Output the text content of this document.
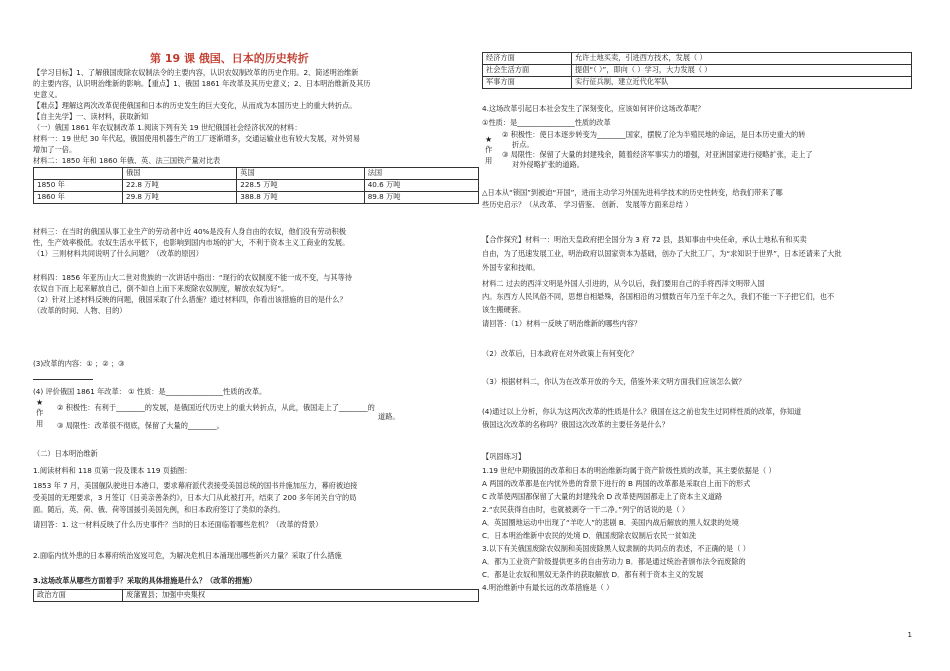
第 19 课 俄国、日本的历史转折
【学习目标】1、了解俄国废除农奴制法令的主要内容，认识农奴制改革的历史作用。2、简述明治维新
的主要内容，认识明治维新的影响。【重点】1、俄国 1861 年改革及其历史意义；2、日本明治维新及其历
史意义。
【难点】理解这两次改革促使俄国和日本的历史发生的巨大变化，从而成为本国历史上的重大转折点。
【自主先学】一、读材料，获取新知
（一）俄国 1861 年农奴制改革 1.阅读下列有关 19 世纪俄国社会经济状况的材料：
材料一：19 世纪 30 年代起，俄国使用机器生产的工厂逐渐增多，交通运输业也有较大发展，对外贸易
增加了一倍。
材料二：1850 年和 1860 年俄、英、法三国铁产量对比表
	俄国	英国	法国
1850 年	22.8 万吨	228.5 万吨	40.6 万吨
1860 年	29.8 万吨	388.8 万吨	89.8 万吨
材料三：在当时的俄国从事工业生产的劳动者中近 40%是没有人身自由的农奴，他们没有劳动积极
性，生产效率极低。农奴生活水平低下，也影响到国内市场的扩大，不利于资本主义工商业的发展。
（1）三则材料共同说明了什么问题？（改革的原因）
材料四：1856 年亚历山大二世对贵族的一次讲话中指出：“现行的农奴制度不能一成不变，与其等待
农奴自下而上起来解放自己，倒不如自上而下来废除农奴制度，解放农奴为好”。
（2）针对上述材料反映的问题，俄国采取了什么措施？通过材料四，你看出该措施的目的是什么？
（改革的时间、人物、目的）
(3)改革的内容：① ；② ；③
(4) 评价俄国 1861 年改革： ① 性质：是________________性质的改革。
★
作
用
② 积极性：有利于________的发展，是俄国近代历史上的重大转折点，从此，俄国走上了________的
道路。
③ 局限性：改革很不彻底，保留了大量的________。
（二）日本明治维新
1.阅读材料和 118 页第一段及课本 119 页插图：
1853 年 7 月，美国舰队驶进日本港口，要求幕府派代表接受美国总统的国书并施加压力，幕府被迫接
受美国的无理要求，3 月签订《日美亲善条约》，日本大门从此被打开，结束了 200 多年闭关自守的局
面。随后，英、荷、俄、荷等国援引美国先例，和日本政府签订了类似的条约。
请回答：1. 这一材料反映了什么历史事件？当时的日本还面临着哪些危机？（改革的背景）
2.面临内忧外患的日本幕府统治岌岌可危，为解决危机日本涌现出哪些新兴力量？采取了什么措施
3.这场改革从哪些方面着手？采取的具体措施是什么？（改革的措施）
政治方面	废藩置县；加强中央集权
经济方面	允许土地买卖，引进西方技术，发展（ ）
社会生活方面	提倡“（ ）”，即向（ ）学习，大力发展（ ）
军事方面	实行征兵制，建立近代化军队
4.这场改革引起日本社会发生了深刻变化，应该如何评价这场改革呢？
①性质：是________________性质的改革
★
作
用
② 积极性：使日本逐步转变为________国家，摆脱了沦为半殖民地的命运，是日本历史重大的转
折点。
③ 局限性：保留了大量的封建残余，随着经济军事实力的增强，对亚洲国家进行侵略扩张，走上了
对外侵略扩张的道路。
△日本从“锁国”到被迫“开国”，进而主动学习外国先进科学技术的历史性转变，给我们带来了哪
些历史启示？（从改革、 学习借鉴、 创新、 发展等方面来总结 ）
【合作探究】材料一：明治天皇政府把全国分为 3 府 72 县，县知事由中央任命，承认土地私有和买卖
自由，为了迅速发展工业，明治政府以国家资本为基础，创办了大批工厂，为“求知识于世界”，日本还请来了大批
外国专家和技师。
材料二 过去的西洋文明是外国人引进的，从今以后，我们要用自己的手将西洋文明带入国
内。东西方人民风俗不同，思想自相悬殊，各国相沿的习惯数百年乃至千年之久，我们不能一下子把它们，也不
该生搬硬套。
请回答：（1）材料一反映了明治维新的哪些内容？
（2）改革后，日本政府在对外政策上有何变化？
（3）根据材料二，你认为在改革开放的今天，借鉴外来文明方面我们应该怎么做？
(4)通过以上分析，你认为这两次改革的性质是什么？俄国在这之前也发生过同样性质的改革，你知道
俄国这次改革的名称吗？俄国这次改革的主要任务是什么？
【巩固练习】
1.19 世纪中期俄国的改革和日本的明治维新均属于资产阶级性质的改革，其主要依据是（ ）
A 两国的改革都是在内忧外患的背景下进行的 B 两国的改革都是采取自上而下的形式
C 改革使两国都保留了大量的封建残余 D 改革使两国都走上了资本主义道路
2.“农民获得自由时，也就被剥夺一干二净。”列宁的话说的是（ ）
A．英国圈地运动中出现了“羊吃人”的悲剧 B．美国内战后解放的黑人奴隶的处境
C．日本明治维新中农民的处境 D．俄国废除农奴制后农民一贫如洗
3.以下有关俄国废除农奴制和美国废除黑人奴隶制的共同点的表述，不正确的是（ ）
A．都为工业资产阶级提供更多的自由劳动力 B．都是通过统治者颁布法令而废除的
C．都是让农奴和黑奴无条件的获取解放 D．都有利于资本主义的发展
4.明治维新中有最长远的改革措施是（ ）
1
